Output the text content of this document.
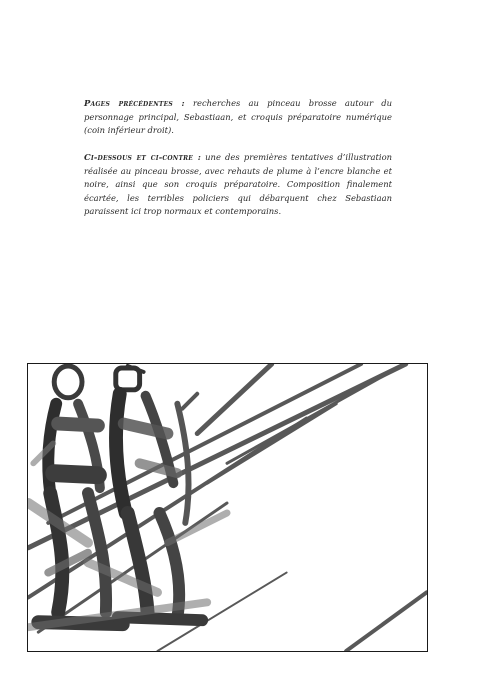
Pages précédentes : recherches au pinceau brosse autour du personnage principal, Sebastiaan, et croquis préparatoire numérique (coin inférieur droit).
Ci-dessous et ci-contre : une des premières tentatives d’illustration réalisée au pinceau brosse, avec rehauts de plume à l’encre blanche et noire, ainsi que son croquis préparatoire. Composition finalement écartée, les terribles policiers qui débarquent chez Sebastiaan paraissent ici trop normaux et contemporains.
